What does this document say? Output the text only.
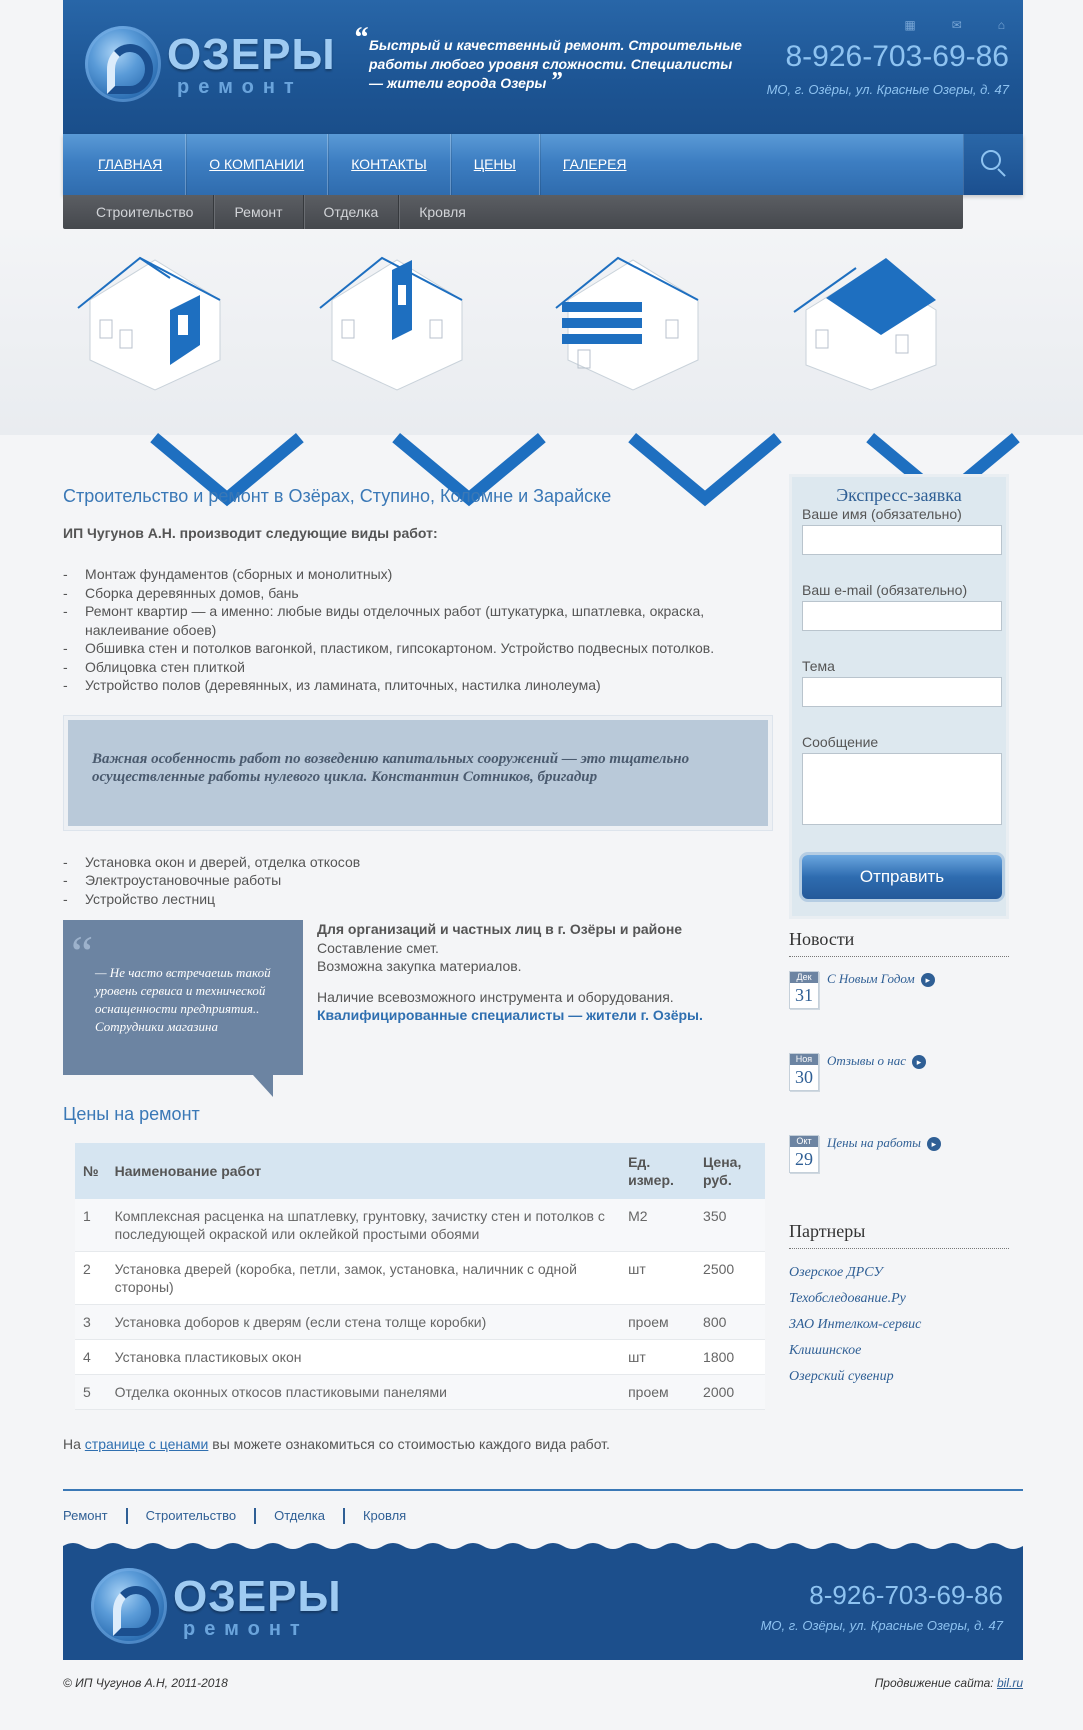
ОЗЕРЫ
ремонт
“ Быстрый и качественный ремонт. Строительные работы любого уровня сложности. Специалисты — жители города Озеры ”
▦	✉	⌂
8-926-703-69-86
МО, г. Озёры, ул. Красные Озеры, д. 47
ГЛАВНАЯ	О КОМПАНИИ	КОНТАКТЫ	ЦЕНЫ	ГАЛЕРЕЯ
Строительство	Ремонт	Отделка	Кровля
Строительство и ремонт в Озёрах, Ступино, Коломне и Зарайске
ИП Чугунов А.Н. производит следующие виды работ:
- Монтаж фундаментов (сборных и монолитных)
- Сборка деревянных домов, бань
- Ремонт квартир — а именно: любые виды отделочных работ (штукатурка, шпатлевка, окраска, наклеивание обоев)
- Обшивка стен и потолков вагонкой, пластиком, гипсокартоном. Устройство подвесных потолков.
- Облицовка стен плиткой
- Устройство полов (деревянных, из ламината, плиточных, настилка линолеума)

Важная особенность работ по возведению капитальных сооружений — это тщательно осуществленные работы нулевого цикла. Константин Сотников, бригадир

- Установка окон и дверей, отделка откосов
- Электроустановочные работы
- Устройство лестниц
“ — Не часто встречаешь такой уровень сервиса и технической оснащенности предприятия.. Сотрудники магазина

Для организаций и частных лиц в г. Озёры и районе
Составление смет.
Возможна закупка материалов.
Наличие всевозможного инструмента и оборудования.
Квалифицированные специалисты — жители г. Озёры.
Цены на ремонт
№	Наименование работ	Ед. измер.	Цена, руб.
1	Комплексная расценка на шпатлевку, грунтовку, зачистку стен и потолков с последующей окраской или оклейкой простыми обоями	М2	350
2	Установка дверей (коробка, петли, замок, установка, наличник с одной стороны)	шт	2500
3	Установка доборов к дверям (если стена толще коробки)	проем	800
4	Установка пластиковых окон	шт	1800
5	Отделка оконных откосов пластиковыми панелями	проем	2000
На странице с ценами вы можете ознакомиться со стоимостью каждого вида работ.
Экспресс-заявка
Ваше имя (обязательно)
Ваш e-mail (обязательно)
Тема
Сообщение
Отправить
Новости
Дек
31
С Новым Годом ▸
Ноя
30
Отзывы о нас ▸
Окт
29
Цены на работы ▸
Партнеры
Озерское ДРСУ
Техобследование.Ру
ЗАО Интелком-сервис
Клишинское
Озерский сувенир
Ремонт	Строительство	Отделка	Кровля
ОЗЕРЫ
ремонт
8-926-703-69-86
МО, г. Озёры, ул. Красные Озеры, д. 47
© ИП Чугунов А.Н, 2011-2018	Продвижение сайта: bil.ru
